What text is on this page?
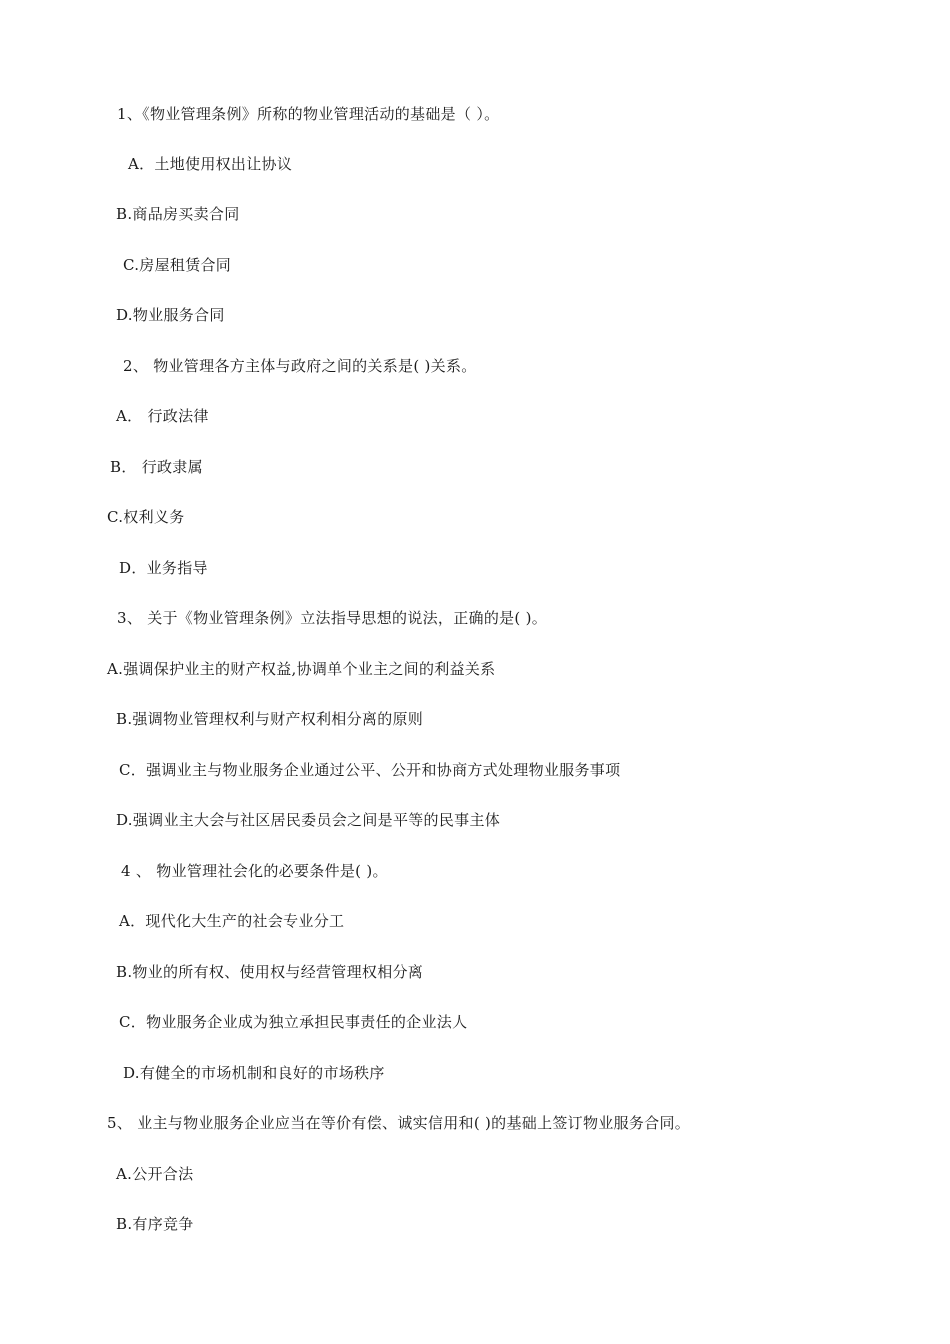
1、《物业管理条例》所称的物业管理活动的基础是（ ）。
A．土地使用权出让协议
B.商品房买卖合同
C.房屋租赁合同
D.物业服务合同
2、 物业管理各方主体与政府之间的关系是( )关系。
A． 行政法律
B． 行政隶属
C.权利义务
D．业务指导
3、 关于《物业管理条例》立法指导思想的说法，正确的是( )。
A.强调保护业主的财产权益,协调单个业主之间的利益关系
B.强调物业管理权利与财产权利相分离的原则
C．强调业主与物业服务企业通过公平、公开和协商方式处理物业服务事项
D.强调业主大会与社区居民委员会之间是平等的民事主体
4 、 物业管理社会化的必要条件是( )。
A．现代化大生产的社会专业分工
B.物业的所有权、使用权与经营管理权相分离
C．物业服务企业成为独立承担民事责任的企业法人
D.有健全的市场机制和良好的市场秩序
5、 业主与物业服务企业应当在等价有偿、诚实信用和( )的基础上签订物业服务合同。
A.公开合法
B.有序竞争
